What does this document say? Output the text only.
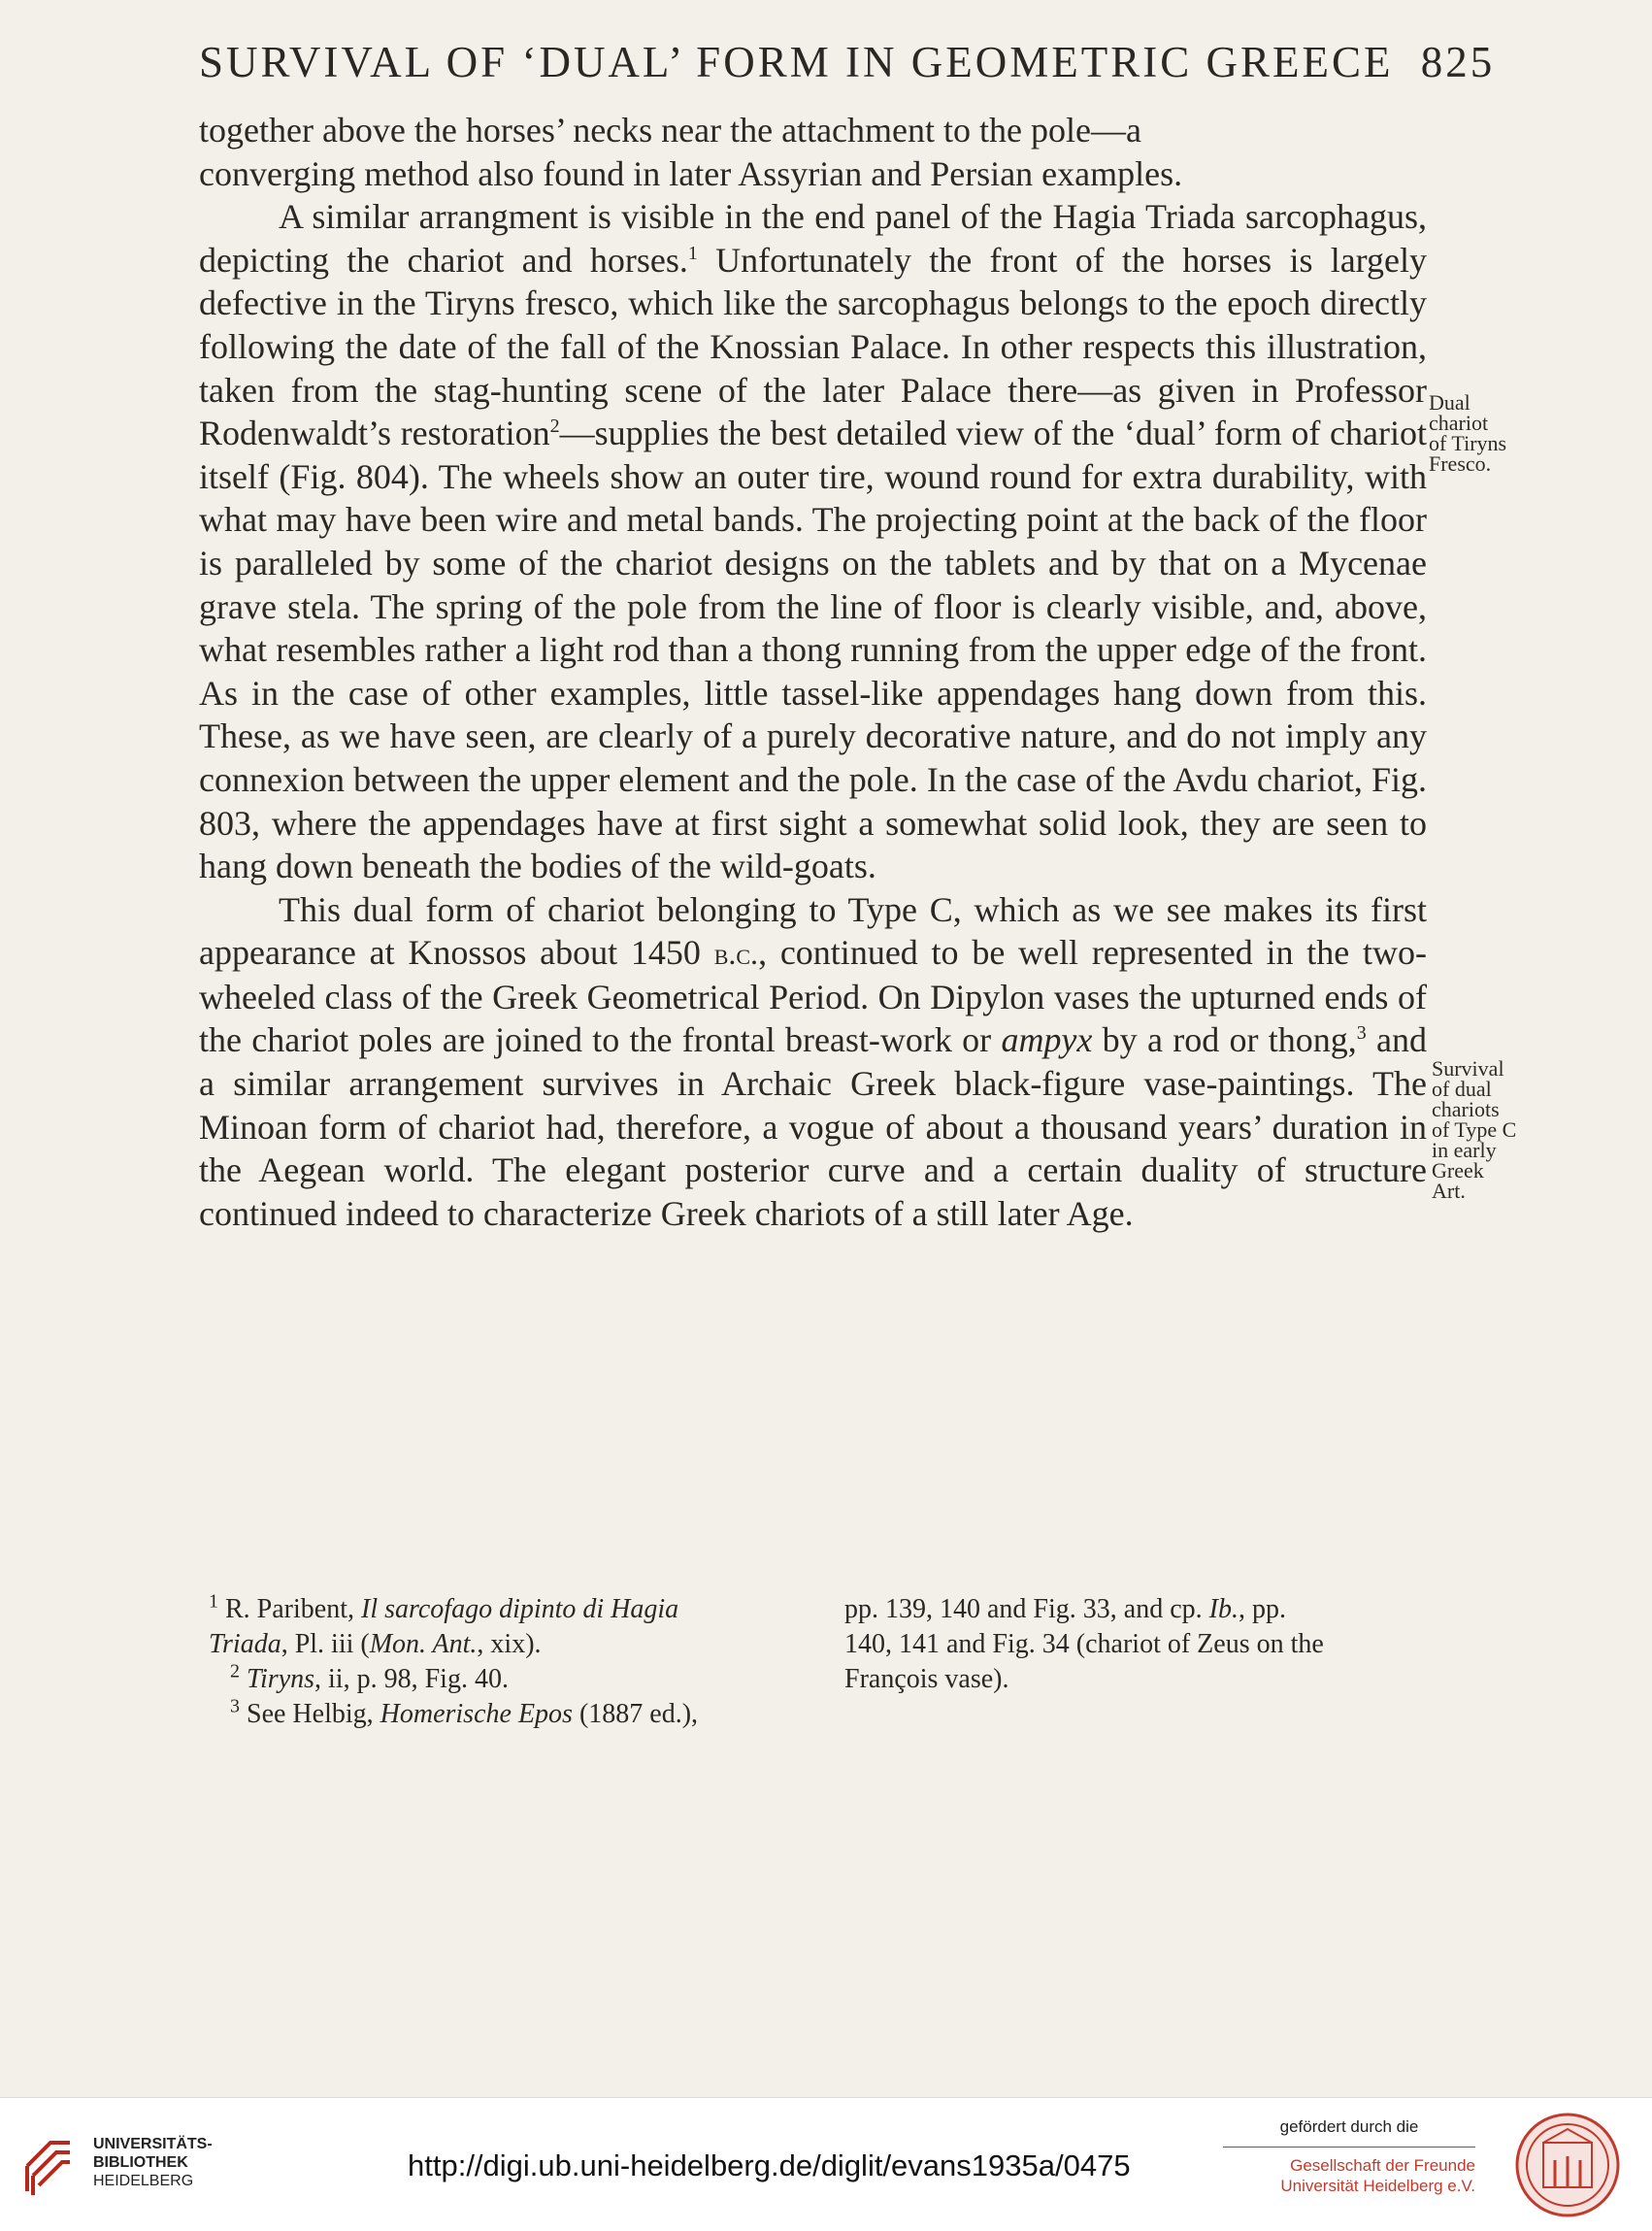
SURVIVAL OF ‘DUAL’ FORM IN GEOMETRIC GREECE 825

together above the horses’ necks near the attachment to the pole—a
converging method also found in later Assyrian and Persian examples.

A similar arrangment is visible in the end panel of the Hagia Triada sarcophagus, depicting the chariot and horses.$^1$ Unfortunately the front of the horses is largely defective in the Tiryns fresco, which like the sarcophagus belongs to the epoch directly following the date of the fall of the Knossian Palace. In other respects this illustration, taken from the stag-hunting scene of the later Palace there—as given in Professor Rodenwaldt’s restoration$^2$—supplies the best detailed view of the ‘dual’ form of chariot itself (Fig. 804). The wheels show an outer tire, wound round for extra durability, with what may have been wire and metal bands. The projecting point at the back of the floor is paralleled by some of the chariot designs on the tablets and by that on a Mycenae grave stela. The spring of the pole from the line of floor is clearly visible, and, above, what resembles rather a light rod than a thong running from the upper edge of the front. As in the case of other examples, little tassel-like appendages hang down from this. These, as we have seen, are clearly of a purely decorative nature, and do not imply any connexion between the upper element and the pole. In the case of the Avdu chariot, Fig. 803, where the appendages have at first sight a somewhat solid look, they are seen to hang down beneath the bodies of the wild-goats.

This dual form of chariot belonging to Type C, which as we see makes its first appearance at Knossos about 1450 b.c., continued to be well represented in the two-wheeled class of the Greek Geometrical Period. On Dipylon vases the upturned ends of the chariot poles are joined to the frontal breast-work or ampyx by a rod or thong,$^3$ and a similar arrangement survives in Archaic Greek black-figure vase-paintings. The Minoan form of chariot had, therefore, a vogue of about a thousand years’ duration in the Aegean world. The elegant posterior curve and a certain duality of structure continued indeed to characterize Greek chariots of a still later Age.

Dual
chariot
of Tiryns
Fresco.
Survival
of dual
chariots
of Type C
in early
Greek
Art.
$^1$ R. Paribent, Il sarcofago dipinto di Hagia
Triada, Pl. iii (Mon. Ant., xix).
$^2$ Tiryns, ii, p. 98, Fig. 40.
$^3$ See Helbig, Homerische Epos (1887 ed.),
pp. 139, 140 and Fig. 33, and cp. Ib., pp.
140, 141 and Fig. 34 (chariot of Zeus on the
François vase).
UNIVERSITÄTS-
BIBLIOTHEK
HEIDELBERG	http://digi.ub.uni-heidelberg.de/diglit/evans1935a/0475
gefördert durch die
Gesellschaft der Freunde
Universität Heidelberg e.V.
